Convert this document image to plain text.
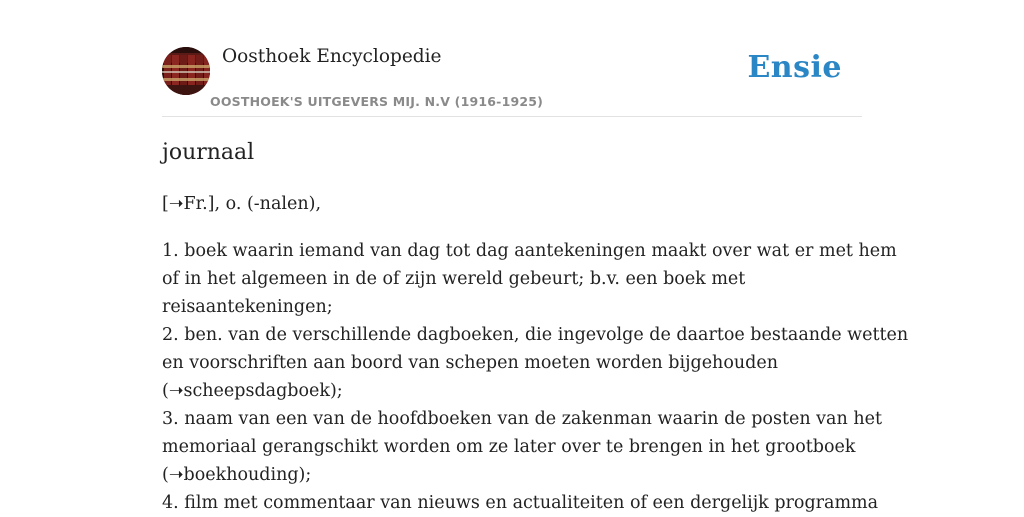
Oosthoek Encyclopedie
OOSTHOEK'S UITGEVERS MIJ. N.V (1916-1925)
Ensie
journaal

[➝Fr.], o. (-nalen),

1. boek waarin iemand van dag tot dag aantekeningen maakt over wat er met hem

of in het algemeen in de of zijn wereld gebeurt; b.v. een boek met

reisaantekeningen;

2. ben. van de verschillende dagboeken, die ingevolge de daartoe bestaande wetten

en voorschriften aan boord van schepen moeten worden bijgehouden

(➝scheepsdagboek);

3. naam van een van de hoofdboeken van de zakenman waarin de posten van het

memoriaal gerangschikt worden om ze later over te brengen in het grootboek

(➝boekhouding);

4. film met commentaar van nieuws en actualiteiten of een dergelijk programma
